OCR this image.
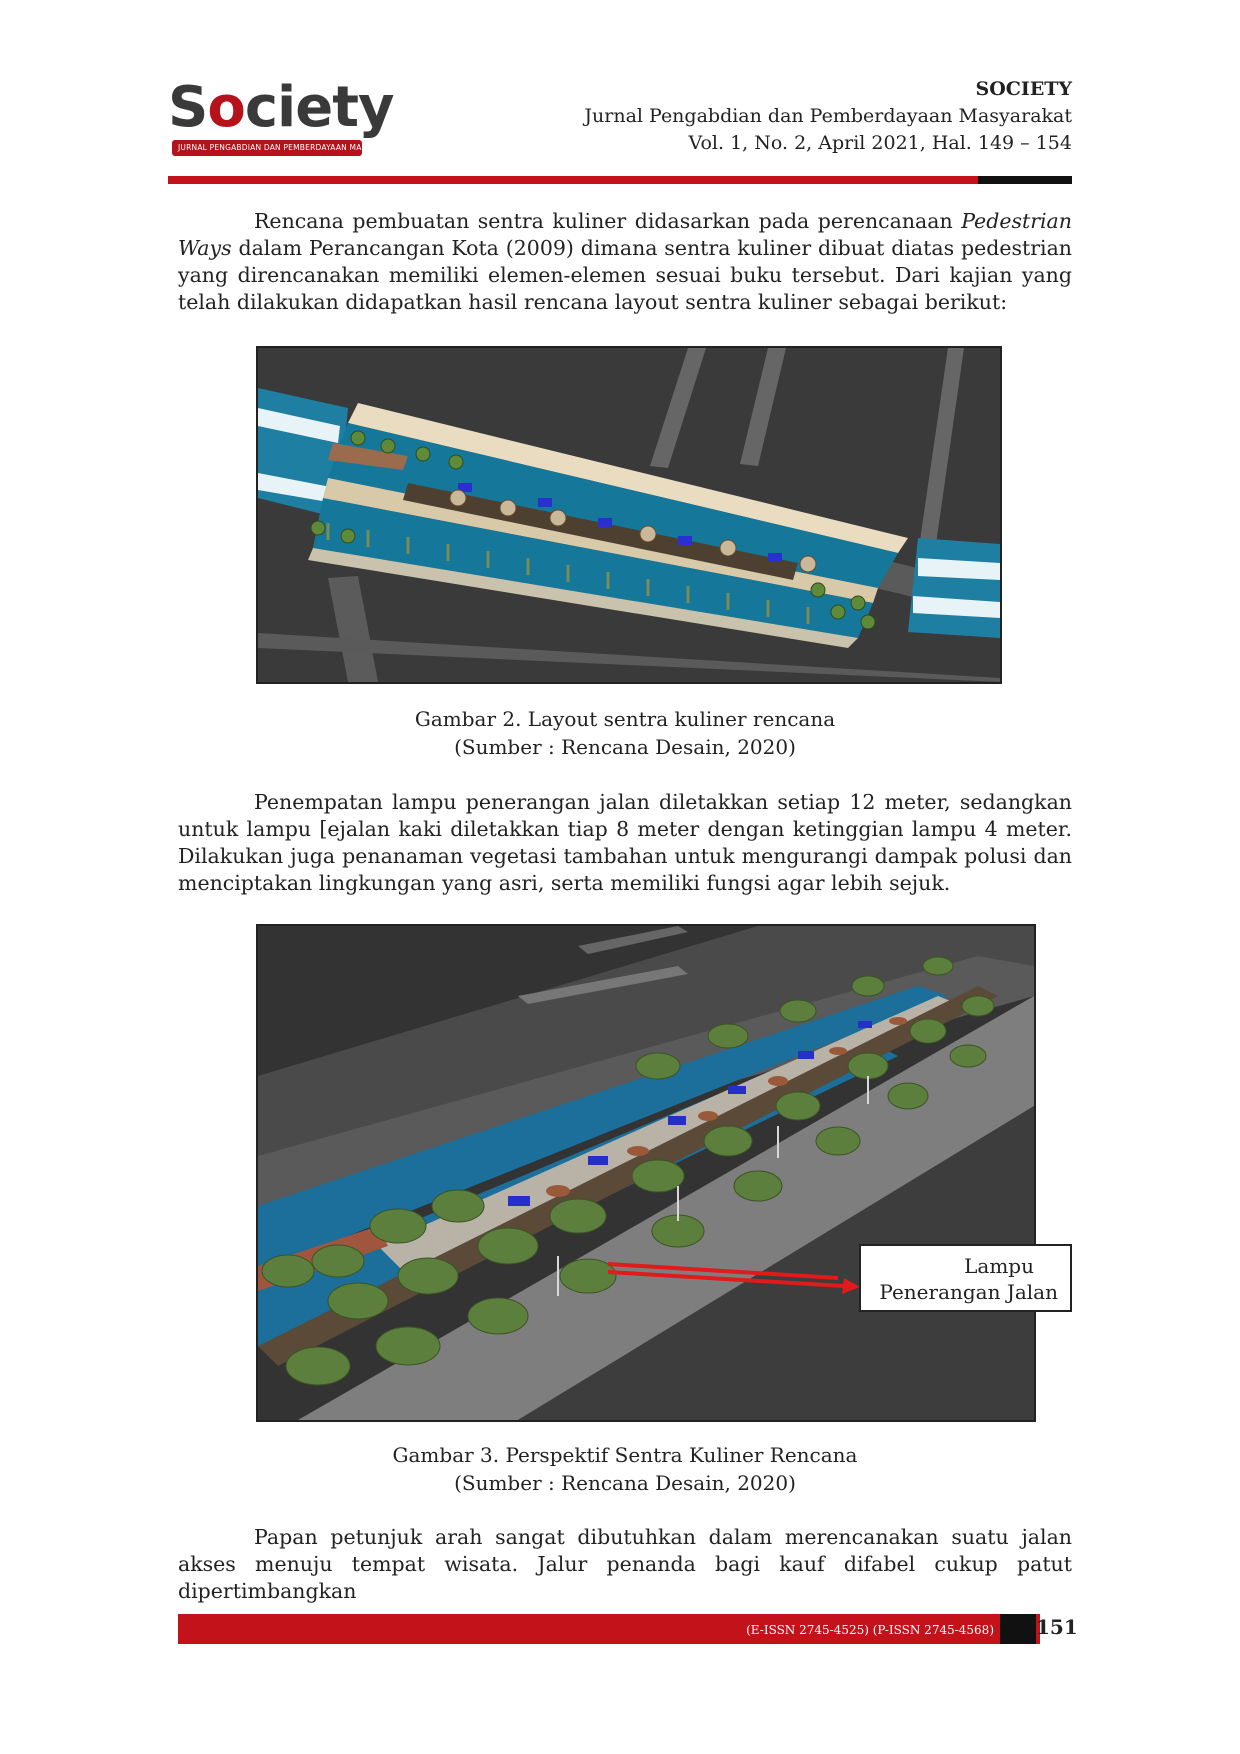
Society
JURNAL PENGABDIAN DAN PEMBERDAYAAN MASYARAKAT
SOCIETY
Jurnal Pengabdian dan Pemberdayaan Masyarakat
Vol. 1, No. 2, April 2021, Hal. 149 – 154
Rencana pembuatan sentra kuliner didasarkan pada perencanaan Pedestrian Ways dalam Perancangan Kota (2009) dimana sentra kuliner dibuat diatas pedestrian yang direncanakan memiliki elemen-elemen sesuai buku tersebut. Dari kajian yang telah dilakukan didapatkan hasil rencana layout sentra kuliner sebagai berikut:
Gambar 2. Layout sentra kuliner rencana
(Sumber : Rencana Desain, 2020)
Penempatan lampu penerangan jalan diletakkan setiap 12 meter, sedangkan untuk lampu [ejalan kaki diletakkan tiap 8 meter dengan ketinggian lampu 4 meter. Dilakukan juga penanaman vegetasi tambahan untuk mengurangi dampak polusi dan menciptakan lingkungan yang asri, serta memiliki fungsi agar lebih sejuk.
Lampu
Penerangan Jalan
Gambar 3. Perspektif Sentra Kuliner Rencana
(Sumber : Rencana Desain, 2020)
Papan petunjuk arah sangat dibutuhkan dalam merencanakan suatu jalan akses menuju tempat wisata. Jalur penanda bagi kauf difabel cukup patut dipertimbangkan
(E-ISSN 2745-4525) (P-ISSN 2745-4568) 151
